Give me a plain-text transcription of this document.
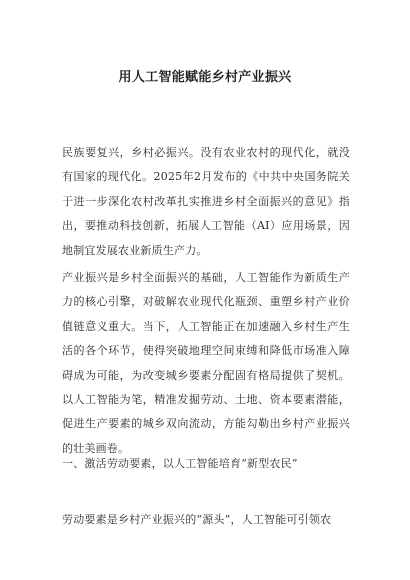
用人工智能赋能乡村产业振兴

民族要复兴，乡村必振兴。没有农业农村的现代化，就没有国家的现代化。2025年2月发布的《中共中央国务院关于进一步深化农村改革扎实推进乡村全面振兴的意见》指出，要推动科技创新，拓展人工智能（AI）应用场景，因地制宜发展农业新质生产力。

产业振兴是乡村全面振兴的基础，人工智能作为新质生产力的核心引擎，对破解农业现代化瓶颈、重塑乡村产业价值链意义重大。当下，人工智能正在加速融入乡村生产生活的各个环节，使得突破地理空间束缚和降低市场准入障碍成为可能，为改变城乡要素分配固有格局提供了契机。以人工智能为笔，精准发掘劳动、土地、资本要素潜能，促进生产要素的城乡双向流动，方能勾勒出乡村产业振兴的壮美画卷。

一、激活劳动要素，以人工智能培育“新型农民”

劳动要素是乡村产业振兴的“源头”，人工智能可引领农
